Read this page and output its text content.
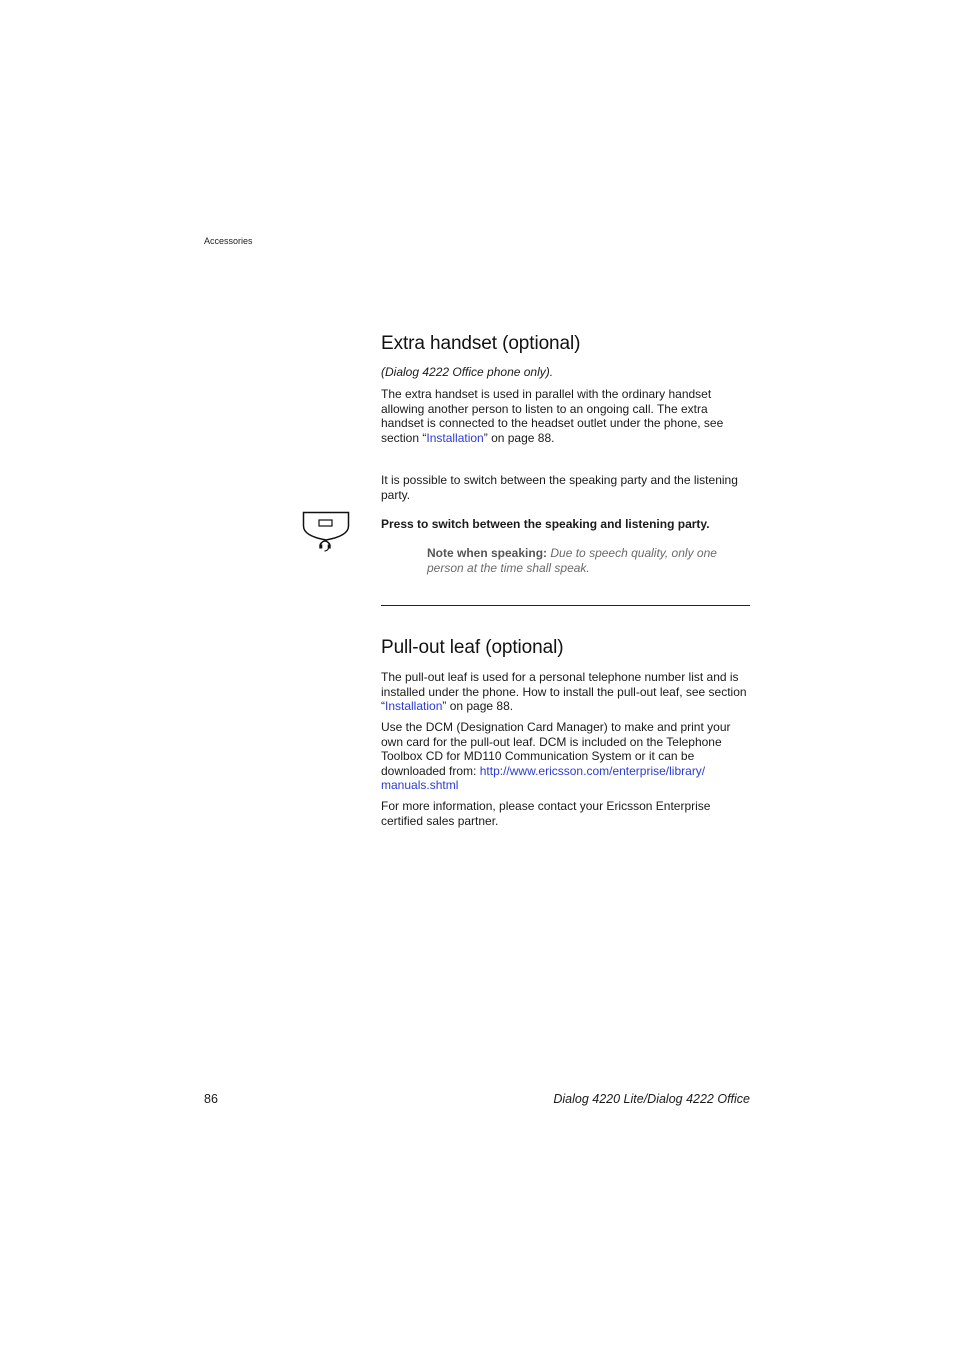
Accessories
Extra handset (optional)

(Dialog 4222 Office phone only).

The extra handset is used in parallel with the ordinary handset allowing another person to listen to an ongoing call. The extra handset is connected to the headset outlet under the phone, see section “Installation” on page 88.

It is possible to switch between the speaking party and the listening party.

Press to switch between the speaking and listening party.

Note when speaking: Due to speech quality, only one person at the time shall speak.

Pull-out leaf (optional)

The pull-out leaf is used for a personal telephone number list and is installed under the phone. How to install the pull-out leaf, see section “Installation” on page 88.

Use the DCM (Designation Card Manager) to make and print your own card for the pull-out leaf. DCM is included on the Telephone Toolbox CD for MD110 Communication System or it can be downloaded from: http://www.ericsson.com/enterprise/library/
manuals.shtml

For more information, please contact your Ericsson Enterprise certified sales partner.

86	Dialog 4220 Lite/Dialog 4222 Office
